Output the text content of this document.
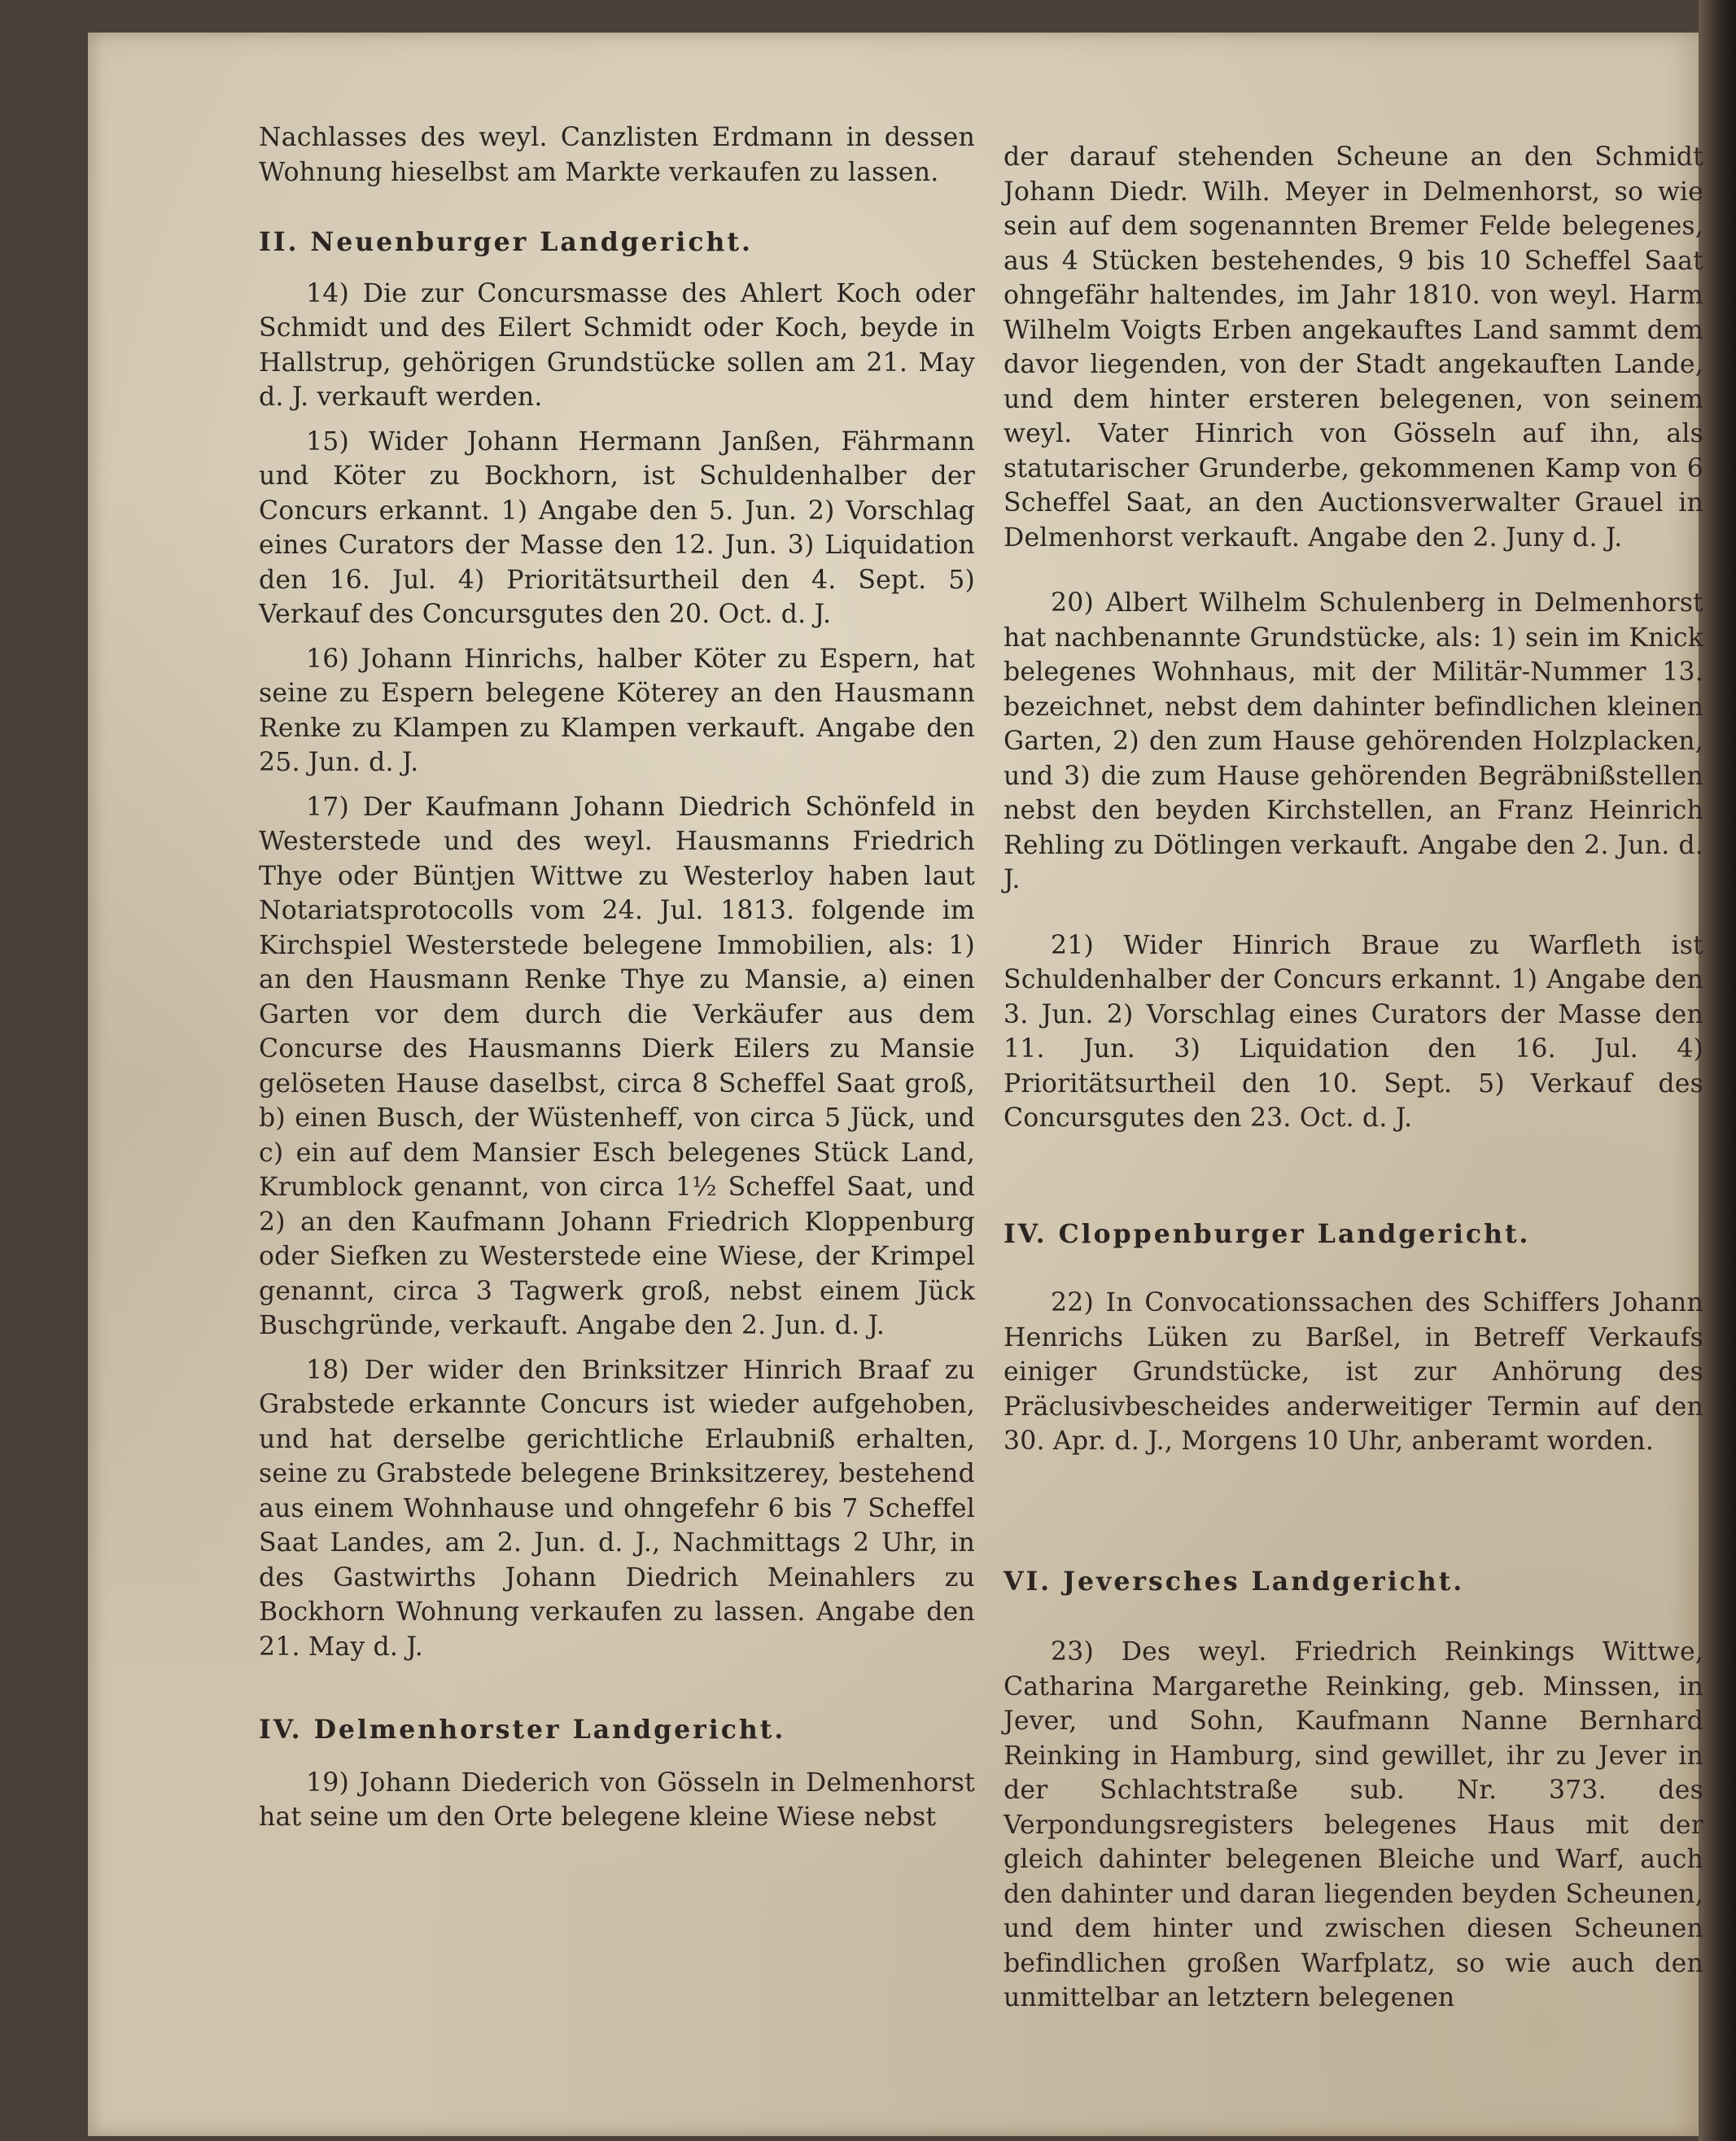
Nachlasses des weyl. Canzlisten Erdmann in dessen Wohnung hieselbst am Markte verkaufen zu lassen.

II. Neuenburger Landgericht.

14) Die zur Concursmasse des Ahlert Koch oder Schmidt und des Eilert Schmidt oder Koch, beyde in Hallstrup, gehörigen Grundstücke sollen am 21. May d. J. verkauft werden.

15) Wider Johann Hermann Janßen, Fährmann und Köter zu Bockhorn, ist Schuldenhalber der Concurs erkannt. 1) Angabe den 5. Jun. 2) Vorschlag eines Curators der Masse den 12. Jun. 3) Liquidation den 16. Jul. 4) Prioritätsurtheil den 4. Sept. 5) Verkauf des Concursgutes den 20. Oct. d. J.

16) Johann Hinrichs, halber Köter zu Espern, hat seine zu Espern belegene Köterey an den Hausmann Renke zu Klampen zu Klampen verkauft. Angabe den 25. Jun. d. J.

17) Der Kaufmann Johann Diedrich Schönfeld in Westerstede und des weyl. Hausmanns Friedrich Thye oder Büntjen Wittwe zu Westerloy haben laut Notariatsprotocolls vom 24. Jul. 1813. folgende im Kirchspiel Westerstede belegene Immobilien, als: 1) an den Hausmann Renke Thye zu Mansie, a) einen Garten vor dem durch die Verkäufer aus dem Concurse des Hausmanns Dierk Eilers zu Mansie gelöseten Hause daselbst, circa 8 Scheffel Saat groß, b) einen Busch, der Wüstenheff, von circa 5 Jück, und c) ein auf dem Mansier Esch belegenes Stück Land, Krumblock genannt, von circa 1½ Scheffel Saat, und 2) an den Kaufmann Johann Friedrich Kloppenburg oder Siefken zu Westerstede eine Wiese, der Krimpel genannt, circa 3 Tagwerk groß, nebst einem Jück Buschgründe, verkauft. Angabe den 2. Jun. d. J.

18) Der wider den Brinksitzer Hinrich Braaf zu Grabstede erkannte Concurs ist wieder aufgehoben, und hat derselbe gerichtliche Erlaubniß erhalten, seine zu Grabstede belegene Brinksitzerey, bestehend aus einem Wohnhause und ohngefehr 6 bis 7 Scheffel Saat Landes, am 2. Jun. d. J., Nachmittags 2 Uhr, in des Gastwirths Johann Diedrich Meinahlers zu Bockhorn Wohnung verkaufen zu lassen. Angabe den 21. May d. J.

IV. Delmenhorster Landgericht.

19) Johann Diederich von Gösseln in Delmenhorst hat seine um den Orte belegene kleine Wiese nebst

der darauf stehenden Scheune an den Schmidt Johann Diedr. Wilh. Meyer in Delmenhorst, so wie sein auf dem sogenannten Bremer Felde belegenes, aus 4 Stücken bestehendes, 9 bis 10 Scheffel Saat ohngefähr haltendes, im Jahr 1810. von weyl. Harm Wilhelm Voigts Erben angekauftes Land sammt dem davor liegenden, von der Stadt angekauften Lande, und dem hinter ersteren belegenen, von seinem weyl. Vater Hinrich von Gösseln auf ihn, als statutarischer Grunderbe, gekommenen Kamp von 6 Scheffel Saat, an den Auctionsverwalter Grauel in Delmenhorst verkauft. Angabe den 2. Juny d. J.

20) Albert Wilhelm Schulenberg in Delmenhorst hat nachbenannte Grundstücke, als: 1) sein im Knick belegenes Wohnhaus, mit der Militär-Nummer 13. bezeichnet, nebst dem dahinter befindlichen kleinen Garten, 2) den zum Hause gehörenden Holzplacken, und 3) die zum Hause gehörenden Begräbnißstellen nebst den beyden Kirchstellen, an Franz Heinrich Rehling zu Dötlingen verkauft. Angabe den 2. Jun. d. J.

21) Wider Hinrich Braue zu Warfleth ist Schuldenhalber der Concurs erkannt. 1) Angabe den 3. Jun. 2) Vorschlag eines Curators der Masse den 11. Jun. 3) Liquidation den 16. Jul. 4) Prioritätsurtheil den 10. Sept. 5) Verkauf des Concursgutes den 23. Oct. d. J.

IV. Cloppenburger Landgericht.

22) In Convocationssachen des Schiffers Johann Henrichs Lüken zu Barßel, in Betreff Verkaufs einiger Grundstücke, ist zur Anhörung des Präclusivbescheides anderweitiger Termin auf den 30. Apr. d. J., Morgens 10 Uhr, anberamt worden.

VI. Jeversches Landgericht.

23) Des weyl. Friedrich Reinkings Wittwe, Catharina Margarethe Reinking, geb. Minssen, in Jever, und Sohn, Kaufmann Nanne Bernhard Reinking in Hamburg, sind gewillet, ihr zu Jever in der Schlachtstraße sub. Nr. 373. des Verpondungsregisters belegenes Haus mit der gleich dahinter belegenen Bleiche und Warf, auch den dahinter und daran liegenden beyden Scheunen, und dem hinter und zwischen diesen Scheunen befindlichen großen Warfplatz, so wie auch den unmittelbar an letztern belegenen
